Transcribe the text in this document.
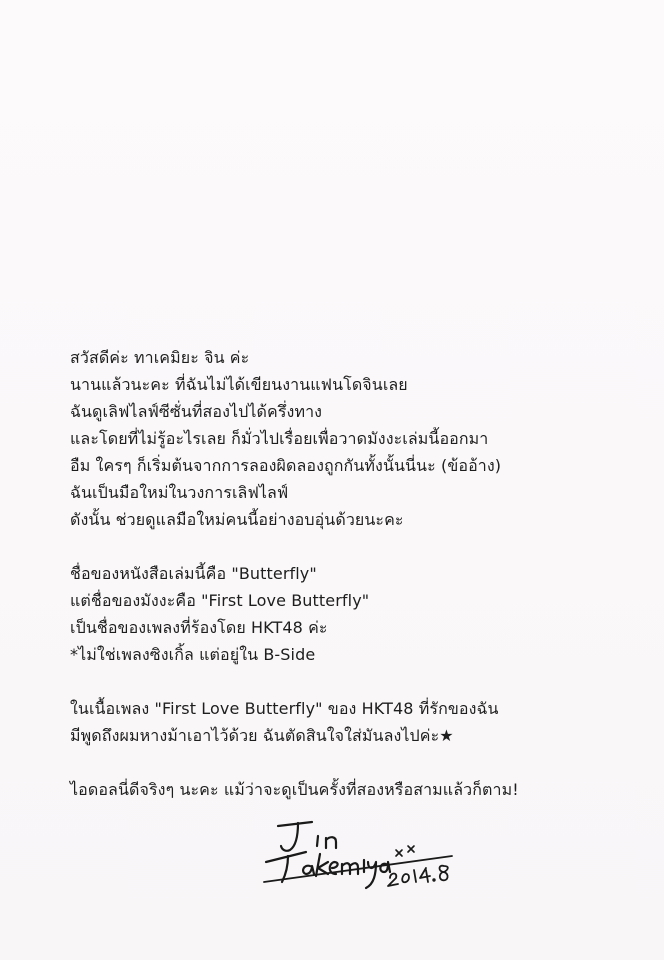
สวัสดีค่ะ ทาเคมิยะ จิน ค่ะ
นานแล้วนะคะ ที่ฉันไม่ได้เขียนงานแฟนโดจินเลย
ฉันดูเลิฟไลฟ์ซีซั่นที่สองไปได้ครึ่งทาง
และโดยที่ไม่รู้อะไรเลย ก็มั่วไปเรื่อยเพื่อวาดมังงะเล่มนี้ออกมา
อืม ใครๆ ก็เริ่มต้นจากการลองผิดลองถูกกันทั้งนั้นนี่นะ (ข้ออ้าง)
ฉันเป็นมือใหม่ในวงการเลิฟไลฟ์
ดังนั้น ช่วยดูแลมือใหม่คนนี้อย่างอบอุ่นด้วยนะคะ
ชื่อของหนังสือเล่มนี้คือ "Butterfly"
แต่ชื่อของมังงะคือ "First Love Butterfly"
เป็นชื่อของเพลงที่ร้องโดย HKT48 ค่ะ
*ไม่ใช่เพลงซิงเกิ้ล แต่อยู่ใน B-Side
ในเนื้อเพลง "First Love Butterfly" ของ HKT48 ที่รักของฉัน
มีพูดถึงผมหางม้าเอาไว้ด้วย ฉันตัดสินใจใส่มันลงไปค่ะ★
ไอดอลนี่ดีจริงๆ นะคะ แม้ว่าจะดูเป็นครั้งที่สองหรือสามแล้วก็ตาม!
